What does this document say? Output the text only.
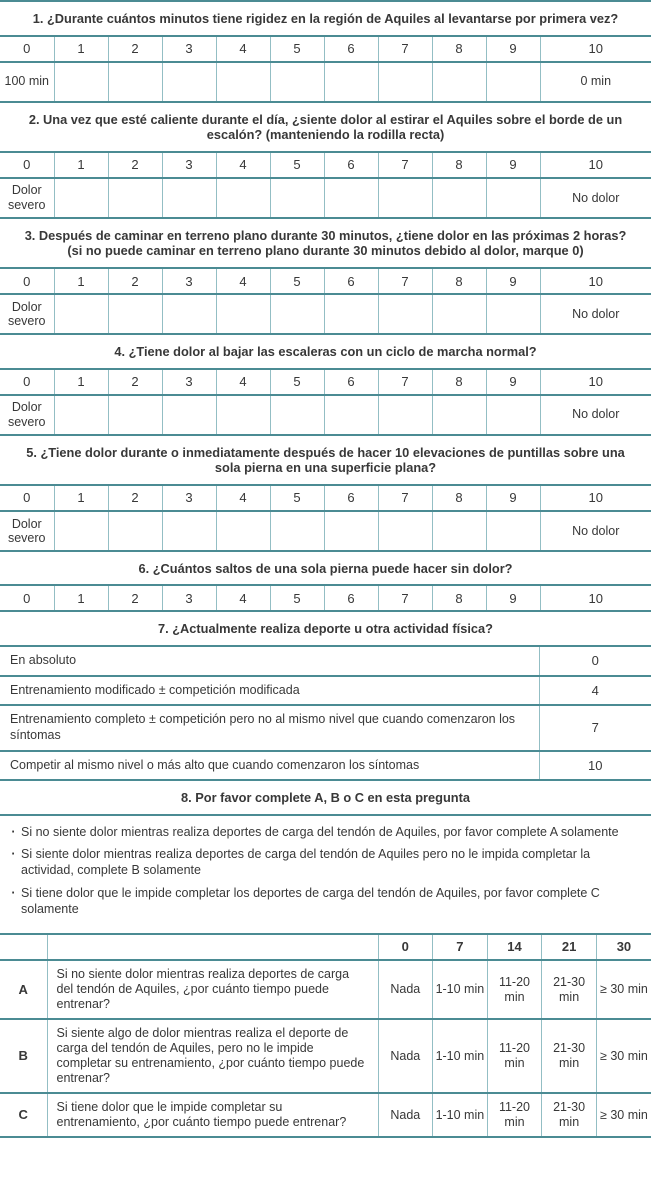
1. ¿Durante cuántos minutos tiene rigidez en la región de Aquiles al levantarse por primera vez?
0	1	2	3	4	5	6	7	8	9	10
100 min										0 min
2. Una vez que esté caliente durante el día, ¿siente dolor al estirar el Aquiles sobre el borde de un escalón? (manteniendo la rodilla recta)
0	1	2	3	4	5	6	7	8	9	10
Dolor severo										No dolor
3. Después de caminar en terreno plano durante 30 minutos, ¿tiene dolor en las próximas 2 horas? (si no puede caminar en terreno plano durante 30 minutos debido al dolor, marque 0)
0	1	2	3	4	5	6	7	8	9	10
Dolor severo										No dolor
4. ¿Tiene dolor al bajar las escaleras con un ciclo de marcha normal?
0	1	2	3	4	5	6	7	8	9	10
Dolor severo										No dolor
5. ¿Tiene dolor durante o inmediatamente después de hacer 10 elevaciones de puntillas sobre una sola pierna en una superficie plana?
0	1	2	3	4	5	6	7	8	9	10
Dolor severo										No dolor
6. ¿Cuántos saltos de una sola pierna puede hacer sin dolor?
0	1	2	3	4	5	6	7	8	9	10
7. ¿Actualmente realiza deporte u otra actividad física?
En absoluto	0
Entrenamiento modificado ± competición modificada	4
Entrenamiento completo ± competición pero no al mismo nivel que cuando comenzaron los síntomas	7
Competir al mismo nivel o más alto que cuando comenzaron los síntomas	10
8. Por favor complete A, B o C en esta pregunta
· Si no siente dolor mientras realiza deportes de carga del tendón de Aquiles, por favor complete A solamente
· Si siente dolor mientras realiza deportes de carga del tendón de Aquiles pero no le impida completar la actividad, complete B solamente
· Si tiene dolor que le impide completar los deportes de carga del tendón de Aquiles, por favor complete C solamente
		0	7	14	21	30
A	Si no siente dolor mientras realiza deportes de carga del tendón de Aquiles, ¿por cuánto tiempo puede entrenar?	Nada	1-10 min	11-20 min	21-30 min	≥ 30 min
B	Si siente algo de dolor mientras realiza el deporte de carga del tendón de Aquiles, pero no le impide completar su entrenamiento, ¿por cuánto tiempo puede entrenar?	Nada	1-10 min	11-20 min	21-30 min	≥ 30 min
C	Si tiene dolor que le impide completar su entrenamiento, ¿por cuánto tiempo puede entrenar?	Nada	1-10 min	11-20 min	21-30 min	≥ 30 min
